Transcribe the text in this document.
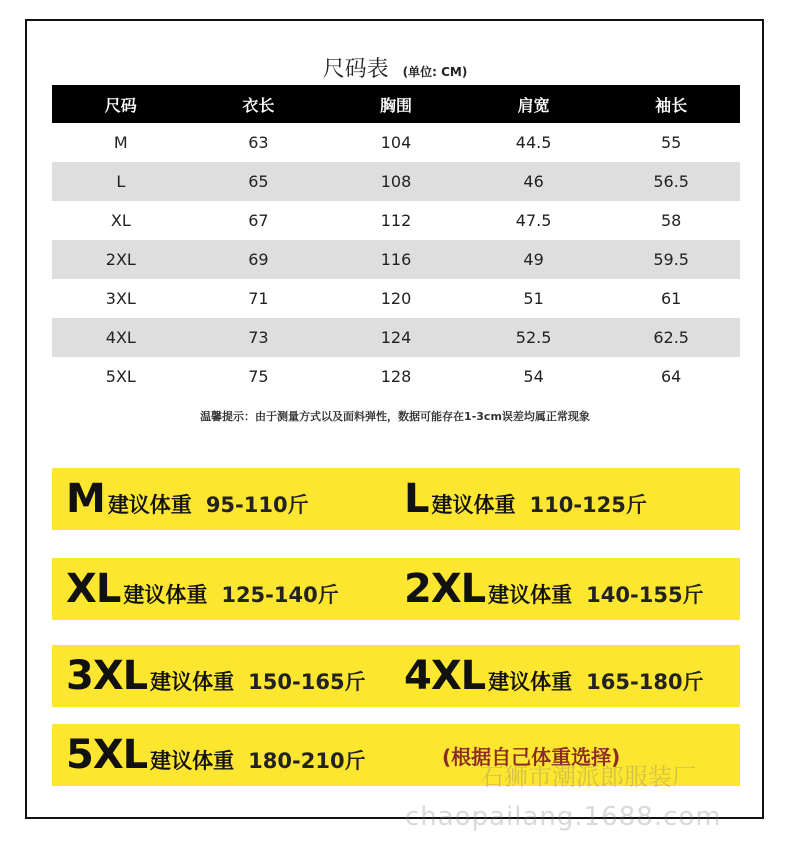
尺码表 (单位: CM)
尺码	衣长	胸围	肩宽	袖长
M	63	104	44.5	55
L	65	108	46	56.5
XL	67	112	47.5	58
2XL	69	116	49	59.5
3XL	71	120	51	61
4XL	73	124	52.5	62.5
5XL	75	128	54	64
温馨提示：由于测量方式以及面料弹性，数据可能存在1-3cm误差均属正常现象
M 建议体重 95-110斤 L 建议体重 110-125斤
XL 建议体重 125-140斤 2XL 建议体重 140-155斤
3XL 建议体重 150-165斤 4XL 建议体重 165-180斤
5XL 建议体重 180-210斤	(根据自己体重选择)
石狮市潮派郎服装厂
chaopailang.1688.com
